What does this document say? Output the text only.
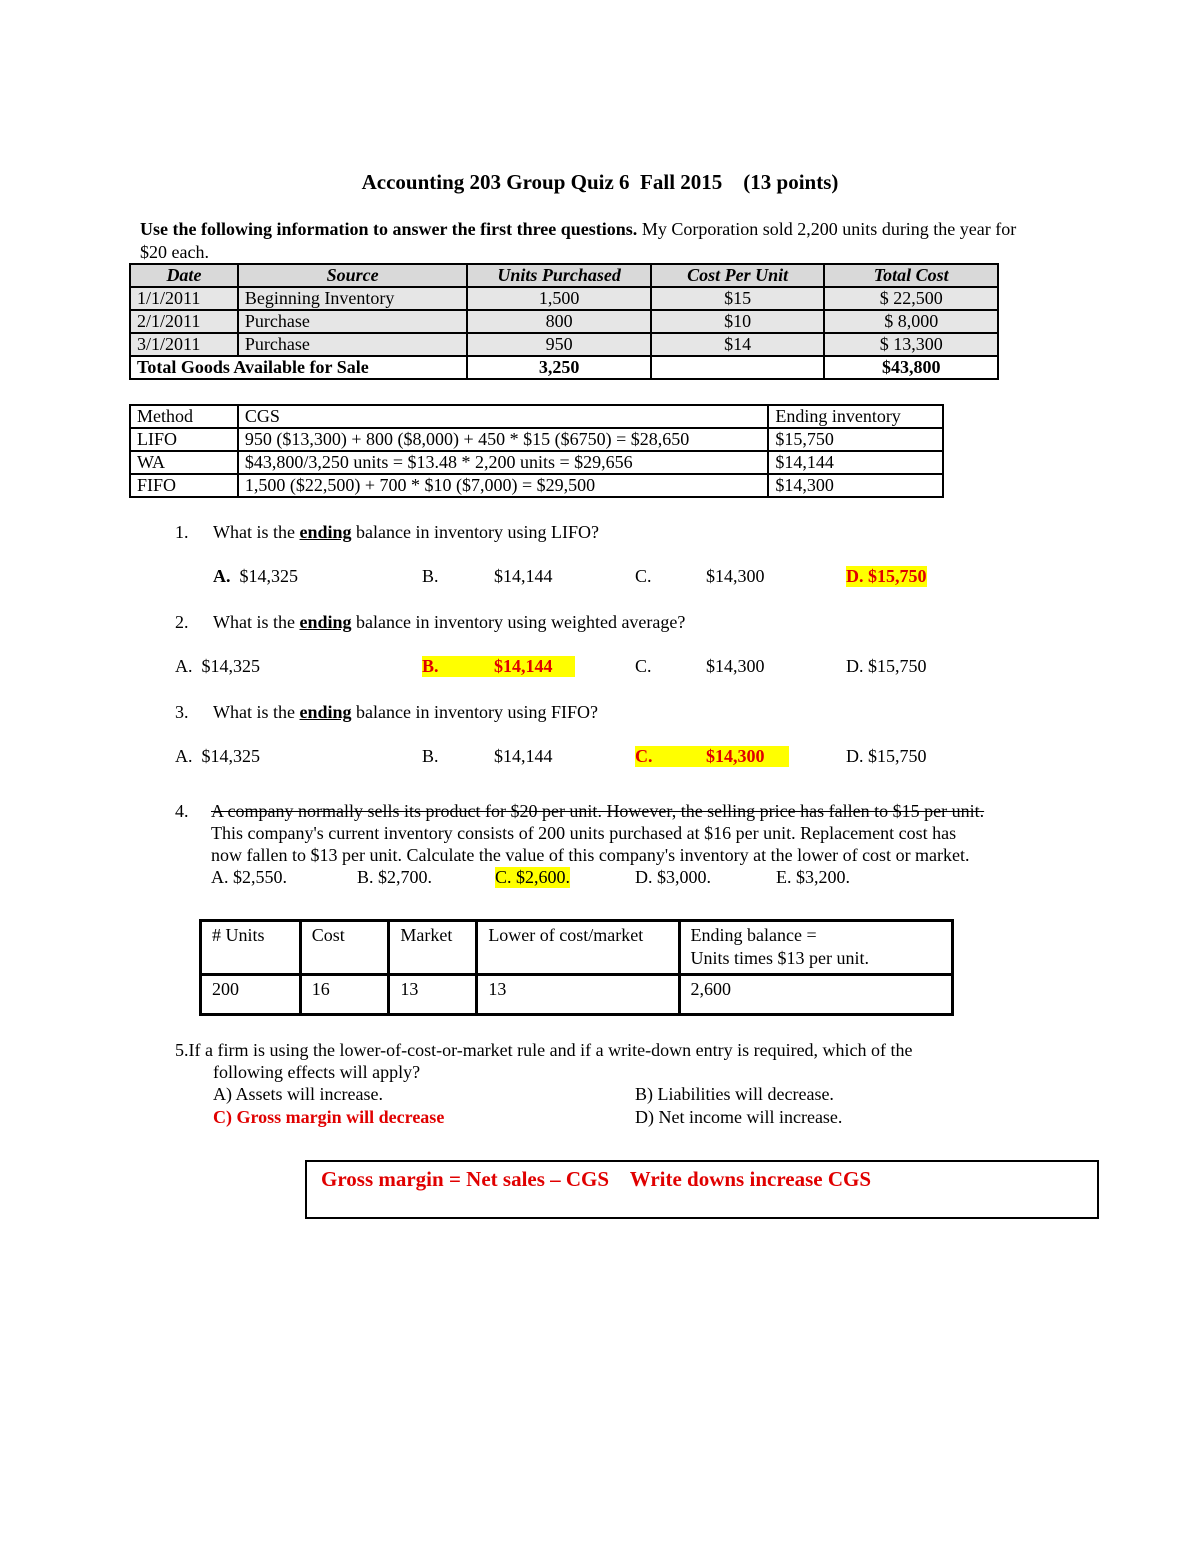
Accounting 203 Group Quiz 6  Fall 2015    (13 points)
Use the following information to answer the first three questions. My Corporation sold 2,200 units during the year for $20 each.
Date	Source	Units Purchased	Cost Per Unit	Total Cost
1/1/2011	Beginning Inventory	1,500	$15	$ 22,500
2/1/2011	Purchase	800	$10	$ 8,000
3/1/2011	Purchase	950	$14	$ 13,300
Total Goods Available for Sale		3,250		$43,800
Method	CGS	Ending inventory
LIFO	950 ($13,300) + 800 ($8,000) + 450 * $15 ($6750) = $28,650	$15,750
WA	$43,800/3,250 units = $13.48 * 2,200 units = $29,656	$14,144
FIFO	1,500 ($22,500) + 700 * $10 ($7,000) = $29,500	$14,300
1. What is the ending balance in inventory using LIFO?
A. $14,325	B.	$14,144	C.	$14,300	D. $15,750
2. What is the ending balance in inventory using weighted average?
A. $14,325	B.	$14,144	C.	$14,300	D. $15,750
3. What is the ending balance in inventory using FIFO?
A. $14,325	B.	$14,144	C.	$14,300	D. $15,750
4. A company normally sells its product for $20 per unit. However, the selling price has fallen to $15 per unit.
This company's current inventory consists of 200 units purchased at $16 per unit. Replacement cost has
now fallen to $13 per unit. Calculate the value of this company's inventory at the lower of cost or market.
A. $2,550.	B. $2,700.	C. $2,600.	D. $3,000.	E. $3,200.
# Units	Cost	Market	Lower of cost/market	Ending balance =
Units times $13 per unit.
200	16	13	13	2,600
5.If a firm is using the lower-of-cost-or-market rule and if a write-down entry is required, which of the
following effects will apply?
A) Assets will increase.	B) Liabilities will decrease.
C) Gross margin will decrease	D) Net income will increase.
Gross margin = Net sales – CGS    Write downs increase CGS
